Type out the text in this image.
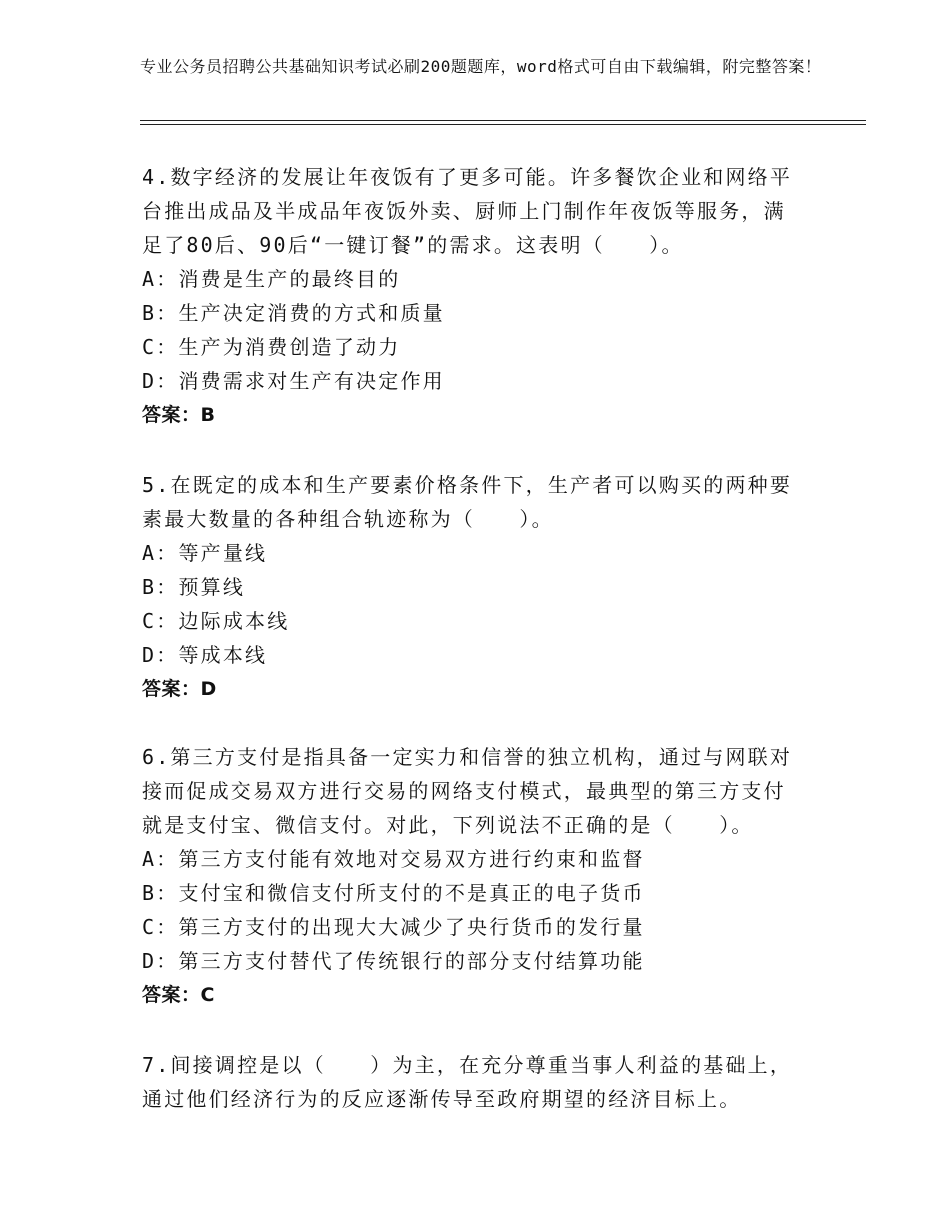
专业公务员招聘公共基础知识考试必刷200题题库，word格式可自由下载编辑，附完整答案！

4.数字经济的发展让年夜饭有了更多可能。许多餐饮企业和网络平台推出成品及半成品年夜饭外卖、厨师上门制作年夜饭等服务，满足了80后、90后“一键订餐”的需求。这表明（　　）。

A：消费是生产的最终目的

B：生产决定消费的方式和质量

C：生产为消费创造了动力

D：消费需求对生产有决定作用

答案：B

5.在既定的成本和生产要素价格条件下，生产者可以购买的两种要素最大数量的各种组合轨迹称为（　　）。

A：等产量线

B：预算线

C：边际成本线

D：等成本线

答案：D

6.第三方支付是指具备一定实力和信誉的独立机构，通过与网联对接而促成交易双方进行交易的网络支付模式，最典型的第三方支付就是支付宝、微信支付。对此，下列说法不正确的是（　　）。

A：第三方支付能有效地对交易双方进行约束和监督

B：支付宝和微信支付所支付的不是真正的电子货币

C：第三方支付的出现大大减少了央行货币的发行量

D：第三方支付替代了传统银行的部分支付结算功能

答案：C

7.间接调控是以（　　）为主，在充分尊重当事人利益的基础上，通过他们经济行为的反应逐渐传导至政府期望的经济目标上。
